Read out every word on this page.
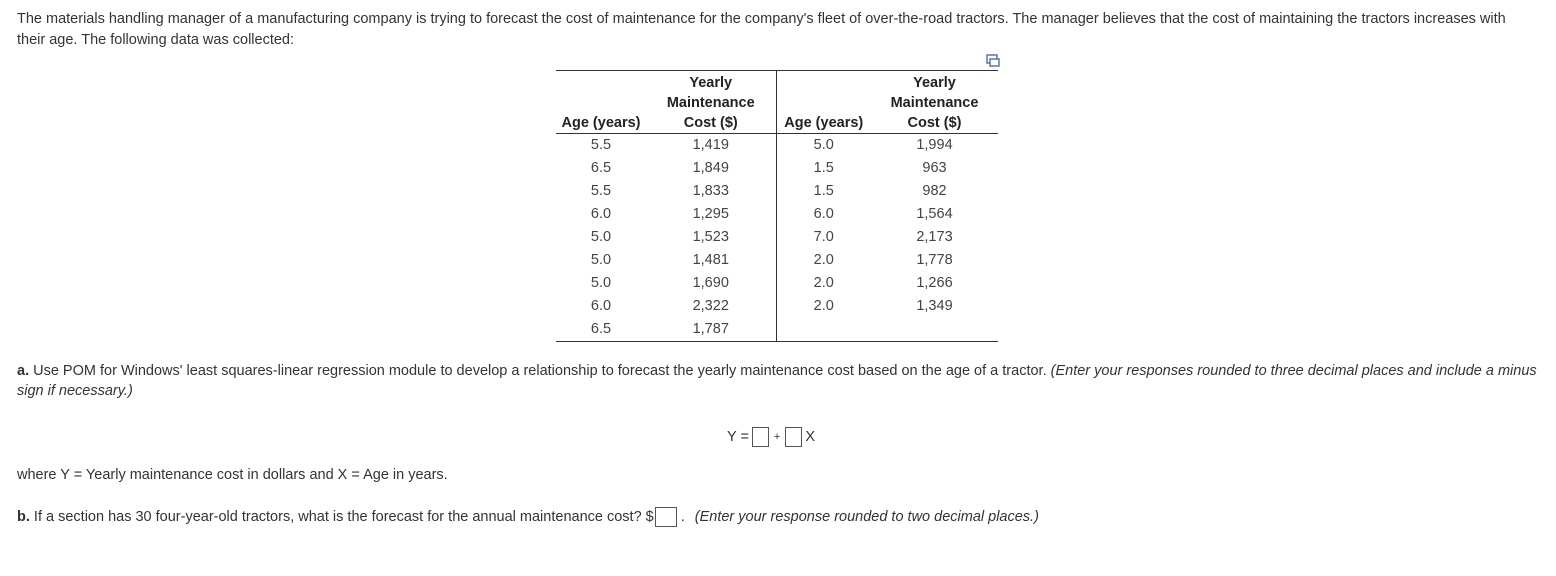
The materials handling manager of a manufacturing company is trying to forecast the cost of maintenance for the company's fleet of over-the-road tractors. The manager believes that the cost of maintaining the tractors increases with their age. The following data was collected:

Age (years)	Yearly Maintenance Cost ($)	Age (years)	Yearly Maintenance Cost ($)
5.5	1,419	5.0	1,994
6.5	1,849	1.5	963
5.5	1,833	1.5	982
6.0	1,295	6.0	1,564
5.0	1,523	7.0	2,173
5.0	1,481	2.0	1,778
5.0	1,690	2.0	1,266
6.0	2,322	2.0	1,349
6.5	1,787		

a. Use POM for Windows' least squares-linear regression module to develop a relationship to forecast the yearly maintenance cost based on the age of a tractor. (Enter your responses rounded to three decimal places and include a minus sign if necessary.)

Y = + X

where Y = Yearly maintenance cost in dollars and X = Age in years.

b. If a section has 30 four-year-old tractors, what is the forecast for the annual maintenance cost? $ . (Enter your response rounded to two decimal places.)
